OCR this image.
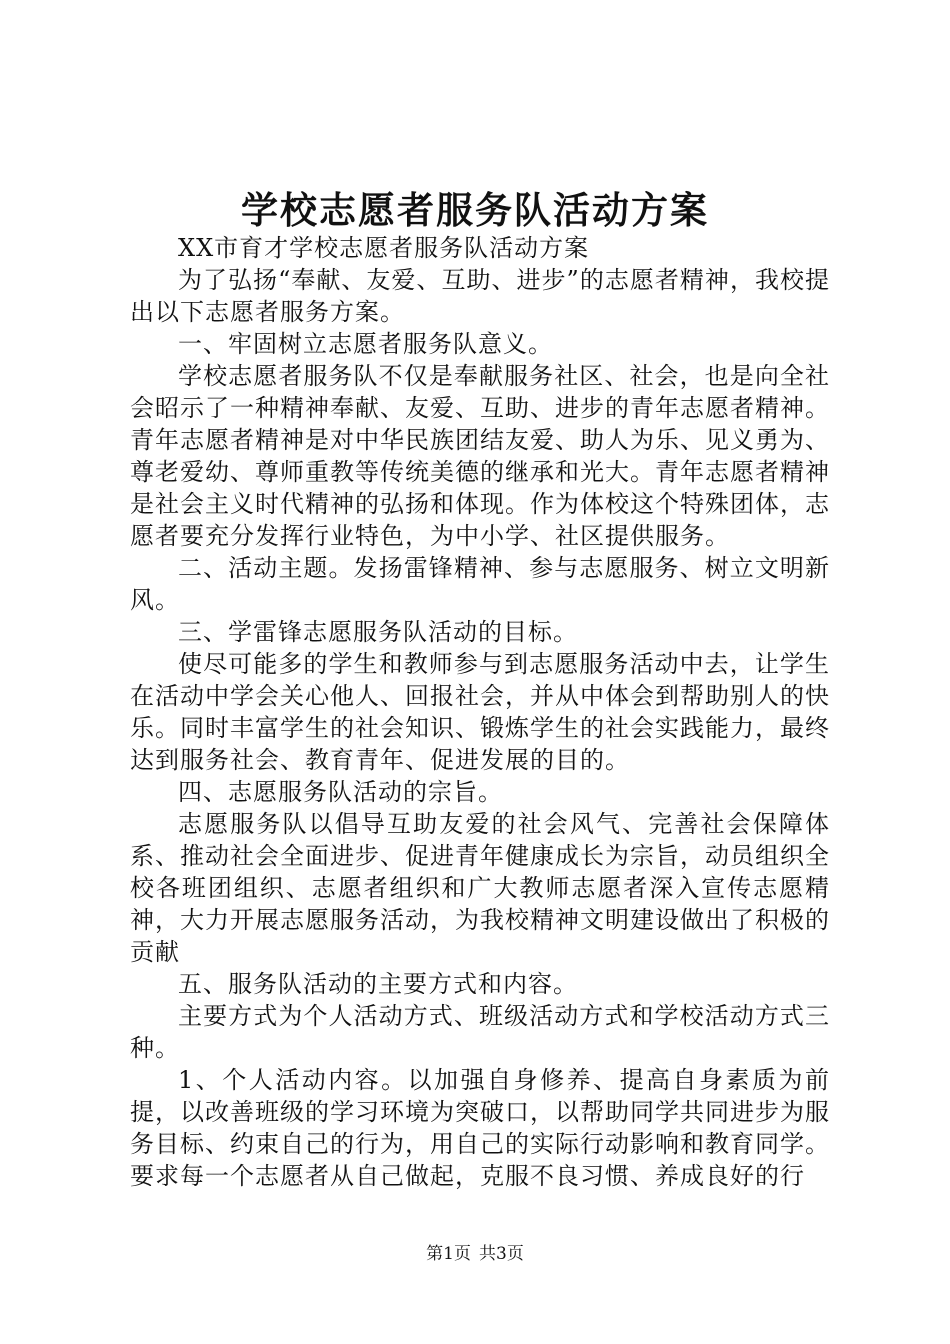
学校志愿者服务队活动方案

XX市育才学校志愿者服务队活动方案

为了弘扬“奉献、友爱、互助、进步”的志愿者精神，我校提出以下志愿者服务方案。

一、牢固树立志愿者服务队意义。

学校志愿者服务队不仅是奉献服务社区、社会，也是向全社会昭示了一种精神奉献、友爱、互助、进步的青年志愿者精神。青年志愿者精神是对中华民族团结友爱、助人为乐、见义勇为、尊老爱幼、尊师重教等传统美德的继承和光大。青年志愿者精神是社会主义时代精神的弘扬和体现。作为体校这个特殊团体，志愿者要充分发挥行业特色，为中小学、社区提供服务。

二、活动主题。发扬雷锋精神、参与志愿服务、树立文明新风。

三、学雷锋志愿服务队活动的目标。

使尽可能多的学生和教师参与到志愿服务活动中去，让学生在活动中学会关心他人、回报社会，并从中体会到帮助别人的快乐。同时丰富学生的社会知识、锻炼学生的社会实践能力，最终达到服务社会、教育青年、促进发展的目的。

四、志愿服务队活动的宗旨。

志愿服务队以倡导互助友爱的社会风气、完善社会保障体系、推动社会全面进步、促进青年健康成长为宗旨，动员组织全校各班团组织、志愿者组织和广大教师志愿者深入宣传志愿精神，大力开展志愿服务活动，为我校精神文明建设做出了积极的贡献

五、服务队活动的主要方式和内容。

主要方式为个人活动方式、班级活动方式和学校活动方式三种。

1、个人活动内容。以加强自身修养、提高自身素质为前提，以改善班级的学习环境为突破口，以帮助同学共同进步为服务目标、约束自己的行为，用自己的实际行动影响和教育同学。要求每一个志愿者从自己做起，克服不良习惯、养成良好的行

第1页 共3页
